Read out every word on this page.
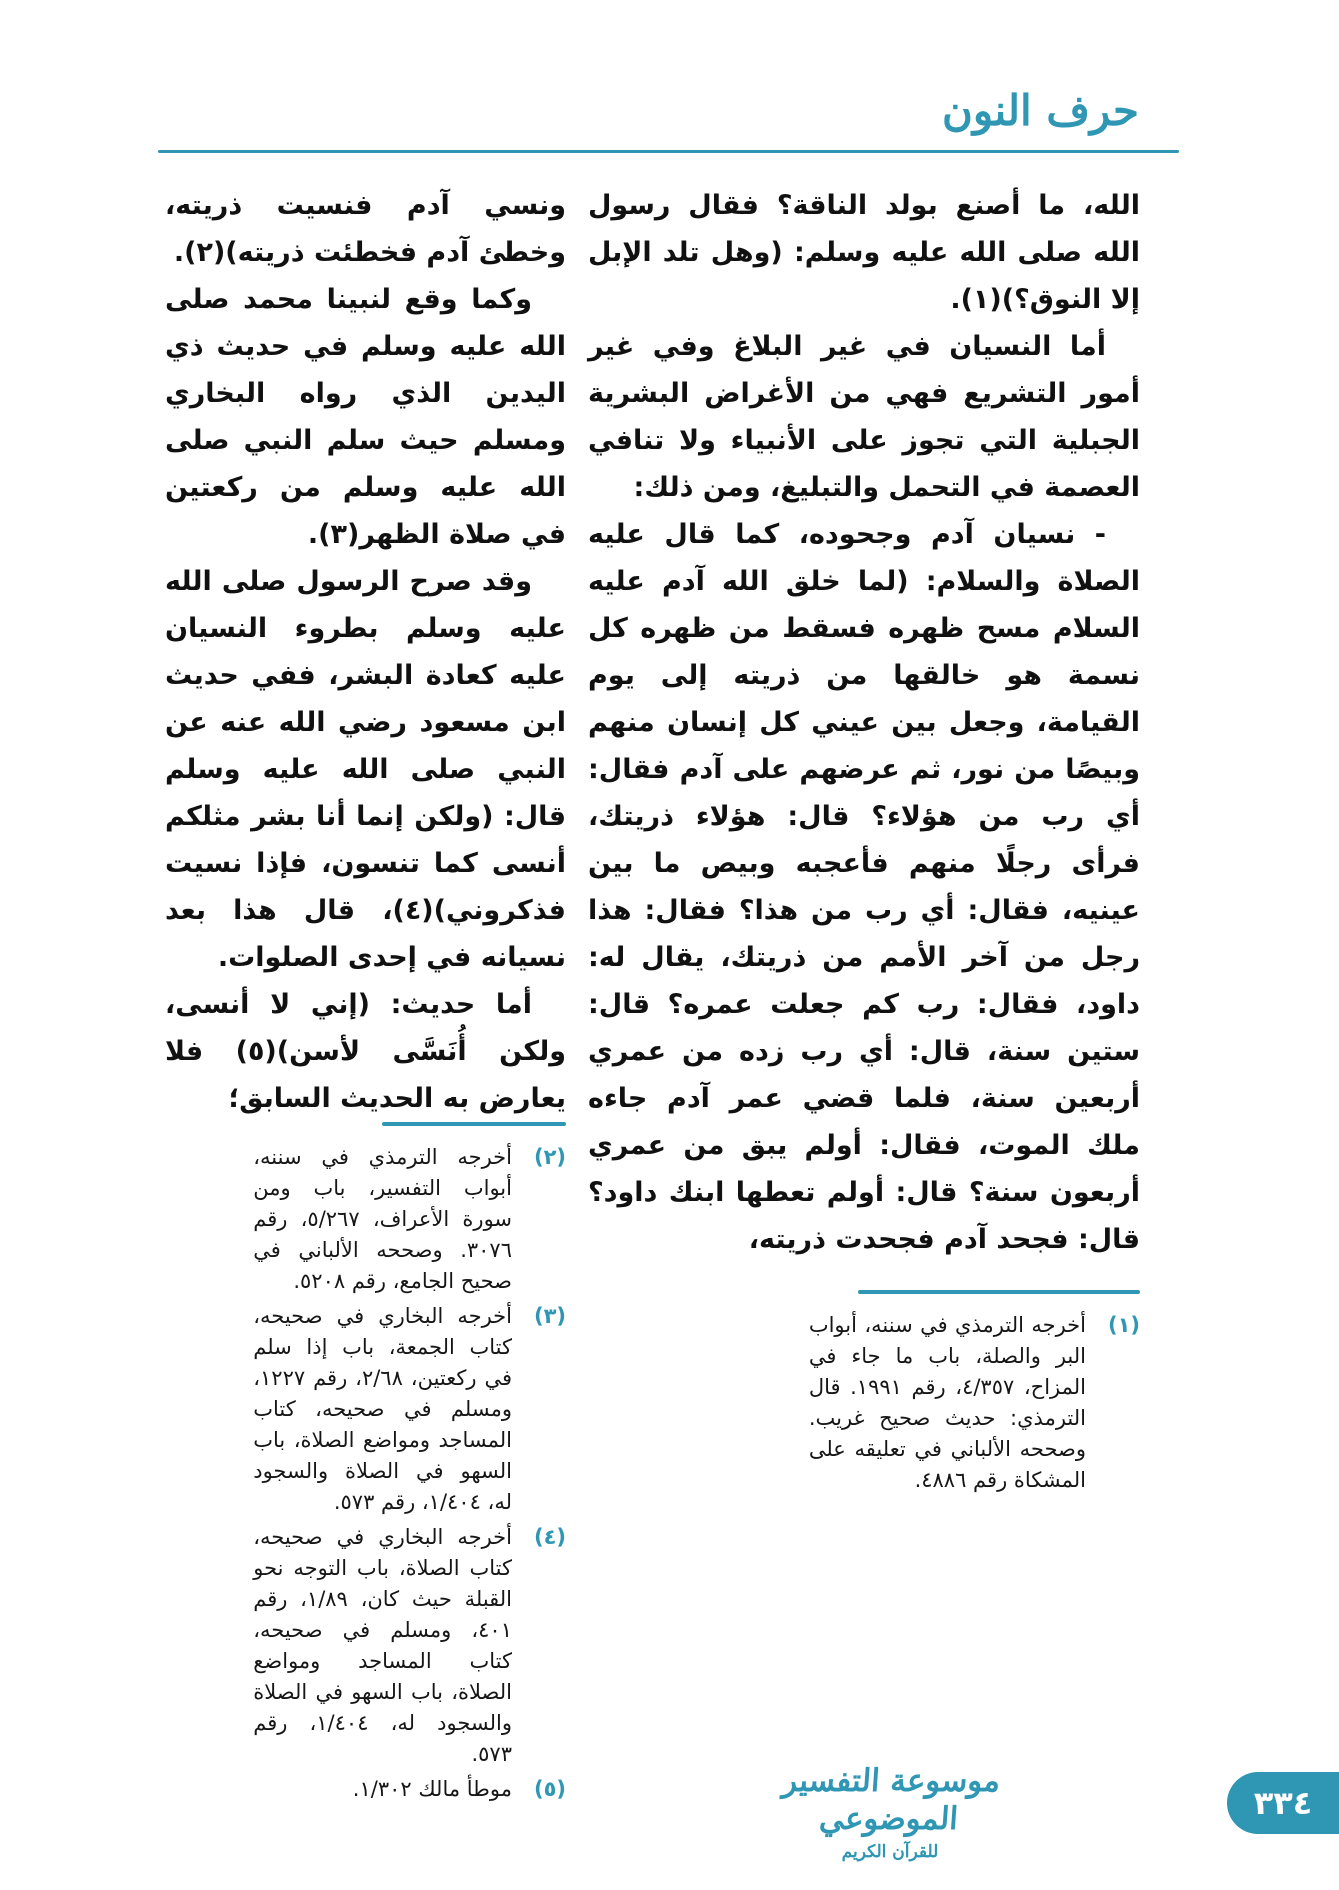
حرف النون

الله، ما أصنع بولد الناقة؟ فقال رسول الله صلى الله عليه وسلم: (وهل تلد الإبل إلا النوق؟)(١).

أما النسيان في غير البلاغ وفي غير أمور التشريع فهي من الأغراض البشرية الجبلية التي تجوز على الأنبياء ولا تنافي العصمة في التحمل والتبليغ، ومن ذلك:

- نسيان آدم وجحوده، كما قال عليه الصلاة والسلام: (لما خلق الله آدم عليه السلام مسح ظهره فسقط من ظهره كل نسمة هو خالقها من ذريته إلى يوم القيامة، وجعل بين عيني كل إنسان منهم وبيصًا من نور، ثم عرضهم على آدم فقال: أي رب من هؤلاء؟ قال: هؤلاء ذريتك، فرأى رجلًا منهم فأعجبه وبيص ما بين عينيه، فقال: أي رب من هذا؟ فقال: هذا رجل من آخر الأمم من ذريتك، يقال له: داود، فقال: رب كم جعلت عمره؟ قال: ستين سنة، قال: أي رب زده من عمري أربعين سنة، فلما قضي عمر آدم جاءه ملك الموت، فقال: أولم يبق من عمري أربعون سنة؟ قال: أولم تعطها ابنك داود؟ قال: فجحد آدم فجحدت ذريته،

(١)
أخرجه الترمذي في سننه، أبواب البر والصلة، باب ما جاء في المزاح، ٤/٣٥٧، رقم ١٩٩١. قال الترمذي: حديث صحيح غريب. وصححه الألباني في تعليقه على المشكاة رقم ٤٨٨٦.

ونسي آدم فنسيت ذريته، وخطئ آدم فخطئت ذريته)(٢).

وكما وقع لنبينا محمد صلى الله عليه وسلم في حديث ذي اليدين الذي رواه البخاري ومسلم حيث سلم النبي صلى الله عليه وسلم من ركعتين في صلاة الظهر(٣).

وقد صرح الرسول صلى الله عليه وسلم بطروء النسيان عليه كعادة البشر، ففي حديث ابن مسعود رضي الله عنه عن النبي صلى الله عليه وسلم قال: (ولكن إنما أنا بشر مثلكم أنسى كما تنسون، فإذا نسيت فذكروني)(٤)، قال هذا بعد نسيانه في إحدى الصلوات.

أما حديث: (إني لا أنسى، ولكن أُنَسَّى لأسن)(٥) فلا يعارض به الحديث السابق؛

(٢)
أخرجه الترمذي في سننه، أبواب التفسير، باب ومن سورة الأعراف، ٥/٢٦٧، رقم ٣٠٧٦. وصححه الألباني في صحيح الجامع، رقم ٥٢٠٨.
(٣)
أخرجه البخاري في صحيحه، كتاب الجمعة، باب إذا سلم في ركعتين، ٢/٦٨، رقم ١٢٢٧، ومسلم في صحيحه، كتاب المساجد ومواضع الصلاة، باب السهو في الصلاة والسجود له، ١/٤٠٤، رقم ٥٧٣.
(٤)
أخرجه البخاري في صحيحه، كتاب الصلاة، باب التوجه نحو القبلة حيث كان، ١/٨٩، رقم ٤٠١، ومسلم في صحيحه، كتاب المساجد ومواضع الصلاة، باب السهو في الصلاة والسجود له، ١/٤٠٤، رقم ٥٧٣.
(٥)
موطأ مالك ١/٣٠٢.	موسوعة التفسير الموضوعي
للقرآن الكريم
٣٣٤
